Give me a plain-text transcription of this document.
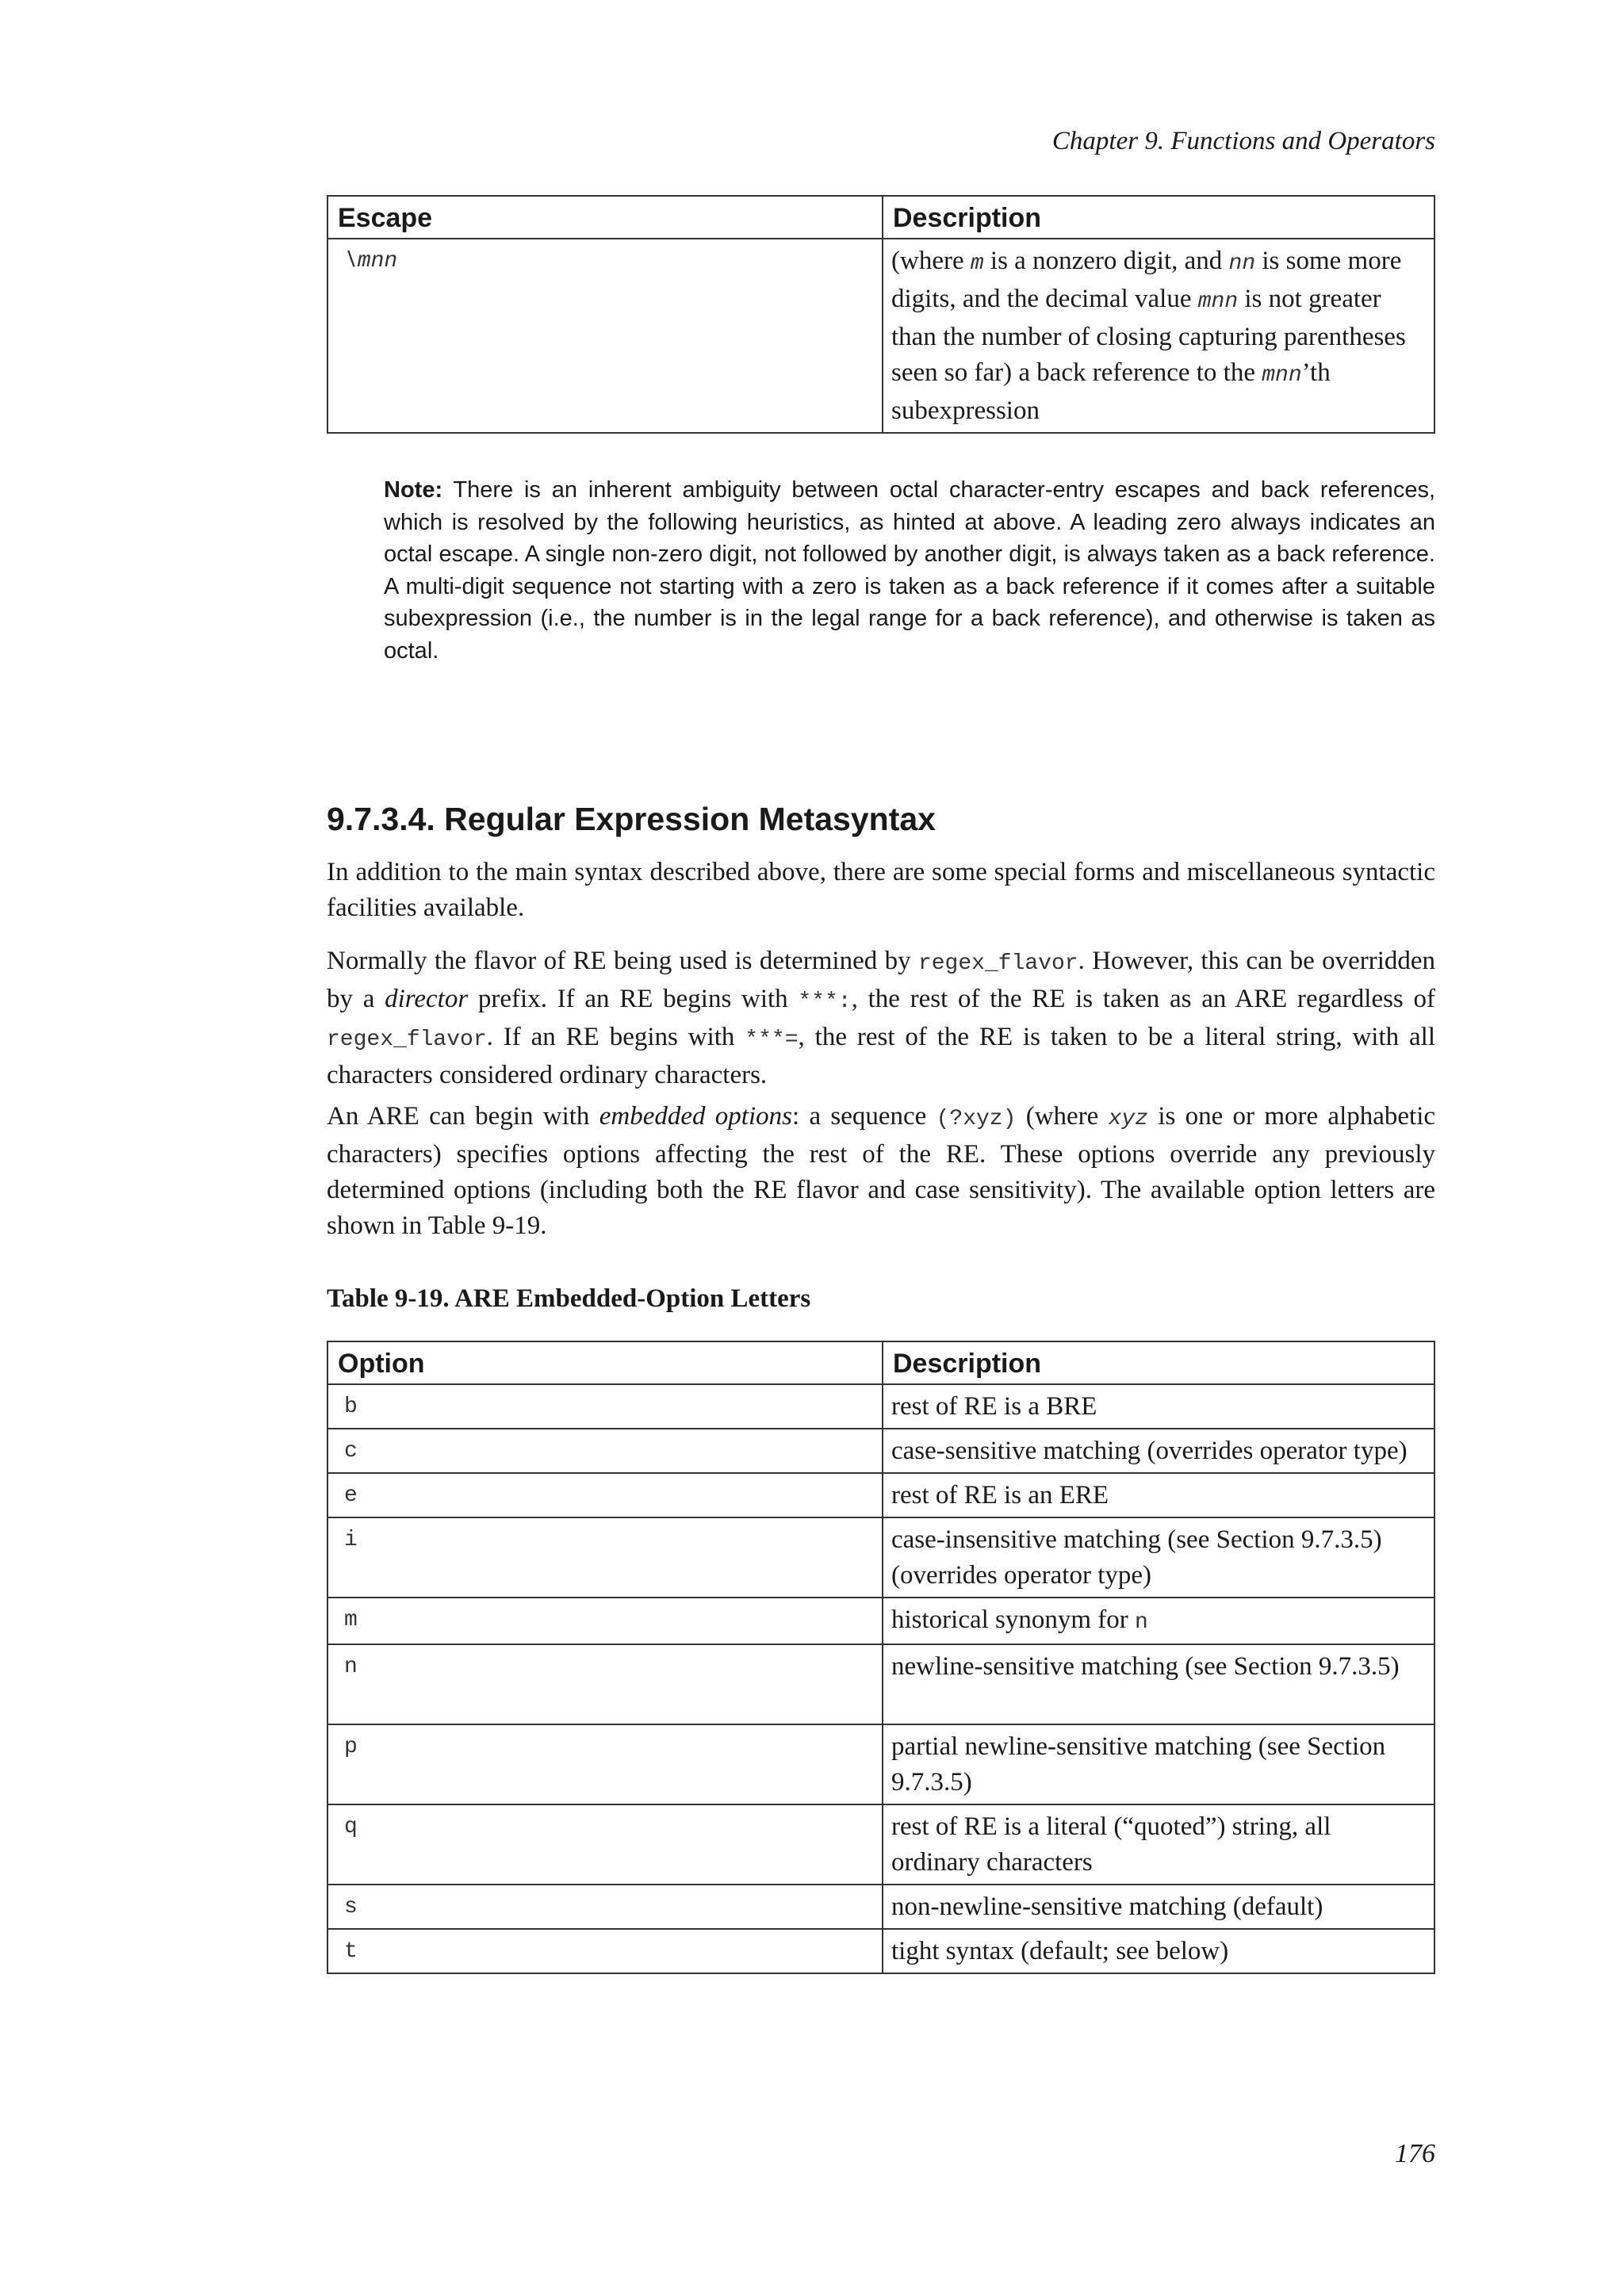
Chapter 9. Functions and Operators
Escape	Description
\mnn	(where m is a nonzero digit, and nn is some more digits, and the decimal value mnn is not greater than the number of closing capturing parentheses seen so far) a back reference to the mnn’th subexpression
Note: There is an inherent ambiguity between octal character-entry escapes and back references, which is resolved by the following heuristics, as hinted at above. A leading zero always indicates an octal escape. A single non-zero digit, not followed by another digit, is always taken as a back reference. A multi-digit sequence not starting with a zero is taken as a back reference if it comes after a suitable subexpression (i.e., the number is in the legal range for a back reference), and otherwise is taken as octal.
9.7.3.4. Regular Expression Metasyntax

In addition to the main syntax described above, there are some special forms and miscellaneous syntactic facilities available.

Normally the flavor of RE being used is determined by regex_flavor. However, this can be overridden by a director prefix. If an RE begins with ***:, the rest of the RE is taken as an ARE regardless of regex_flavor. If an RE begins with ***=, the rest of the RE is taken to be a literal string, with all characters considered ordinary characters.

An ARE can begin with embedded options: a sequence (?xyz) (where xyz is one or more alphabetic characters) specifies options affecting the rest of the RE. These options override any previously determined options (including both the RE flavor and case sensitivity). The available option letters are shown in Table 9-19.

Table 9-19. ARE Embedded-Option Letters
Option	Description
b	rest of RE is a BRE
c	case-sensitive matching (overrides operator type)
e	rest of RE is an ERE
i	case-insensitive matching (see Section 9.7.3.5) (overrides operator type)
m	historical synonym for n
n	newline-sensitive matching (see Section 9.7.3.5)
p	partial newline-sensitive matching (see Section 9.7.3.5)
q	rest of RE is a literal (“quoted”) string, all ordinary characters
s	non-newline-sensitive matching (default)
t	tight syntax (default; see below)
176
